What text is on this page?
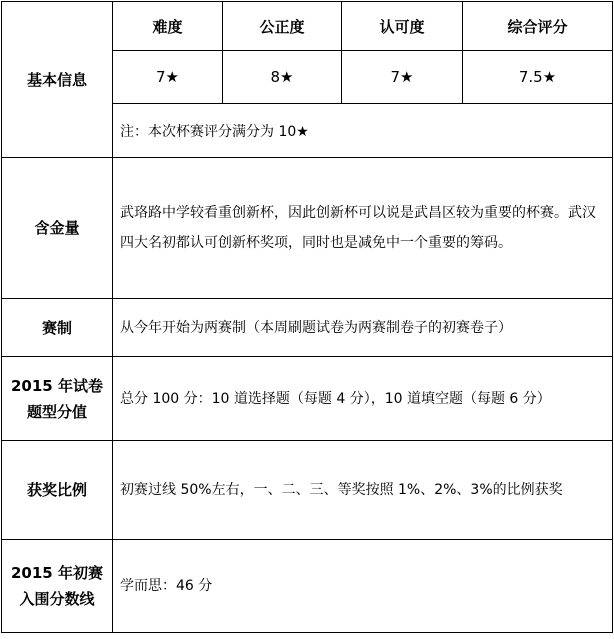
基本信息	难度	公正度	认可度	综合评分
	7★	8★	7★	7.5★
	注：本次杯赛评分满分为 10★			
含金量	武珞路中学较看重创新杯，因此创新杯可以说是武昌区较为重要的杯赛。武汉四大名初都认可创新杯奖项，同时也是减免中一个重要的筹码。			
赛制	从今年开始为两赛制（本周刷题试卷为两赛制卷子的初赛卷子）			

2015 年试卷
题型分值	总分 100 分：10 道选择题（每题 4 分），10 道填空题（每题 6 分）			
获奖比例	初赛过线 50%左右，一、二、三、等奖按照 1%、2%、3%的比例获奖			

2015 年初赛
入围分数线	学而思：46 分			
